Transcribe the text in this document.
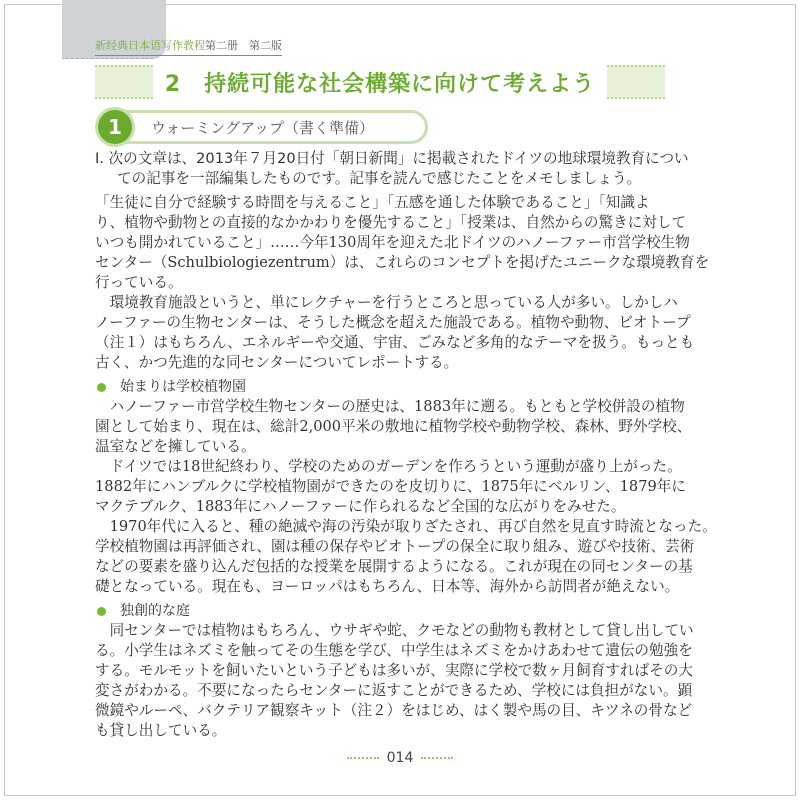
新经典日本语写作教程第二册　第二版
2　持続可能な社会構築に向けて考えよう
1	ウォーミングアップ（書く準備）
I. 次の文章は、2013年７月20日付「朝日新聞」に掲載されたドイツの地球環境教育につい
ての記事を一部編集したものです。記事を読んで感じたことをメモしましょう。
「生徒に自分で経験する時間を与えること」「五感を通した体験であること」「知識よ
り、植物や動物との直接的なかかわりを優先すること」「授業は、自然からの驚きに対して
いつも開かれていること」……今年130周年を迎えた北ドイツのハノーファー市営学校生物
センター（Schulbiologiezentrum）は、これらのコンセプトを掲げたユニークな環境教育を
行っている。
　環境教育施設というと、単にレクチャーを行うところと思っている人が多い。しかしハ
ノーファーの生物センターは、そうした概念を超えた施設である。植物や動物、ビオトープ
（注１）はもちろん、エネルギーや交通、宇宙、ごみなど多角的なテーマを扱う。もっとも
古く、かつ先進的な同センターについてレポートする。
始まりは学校植物園
　ハノーファー市営学校生物センターの歴史は、1883年に遡る。もともと学校併設の植物
園として始まり、現在は、総計2,000平米の敷地に植物学校や動物学校、森林、野外学校、
温室などを擁している。
　ドイツでは18世紀終わり、学校のためのガーデンを作ろうという運動が盛り上がった。
1882年にハンブルクに学校植物園ができたのを皮切りに、1875年にベルリン、1879年に
マクテブルク、1883年にハノーファーに作られるなど全国的な広がりをみせた。
　1970年代に入ると、種の絶滅や海の汚染が取りざたされ、再び自然を見直す時流となった。
学校植物園は再評価され、園は種の保存やビオトープの保全に取り組み、遊びや技術、芸術
などの要素を盛り込んだ包括的な授業を展開するようになる。これが現在の同センターの基
礎となっている。現在も、ヨーロッパはもちろん、日本等、海外から訪問者が絶えない。
独創的な庭
　同センターでは植物はもちろん、ウサギや蛇、クモなどの動物も教材として貸し出してい
る。小学生はネズミを触ってその生態を学び、中学生はネズミをかけあわせて遺伝の勉強を
する。モルモットを飼いたいという子どもは多いが、実際に学校で数ヶ月飼育すればその大
変さがわかる。不要になったらセンターに返すことができるため、学校には負担がない。顕
微鏡やルーペ、バクテリア観察キット（注２）をはじめ、はく製や馬の目、キツネの骨など
も貸し出している。
014
